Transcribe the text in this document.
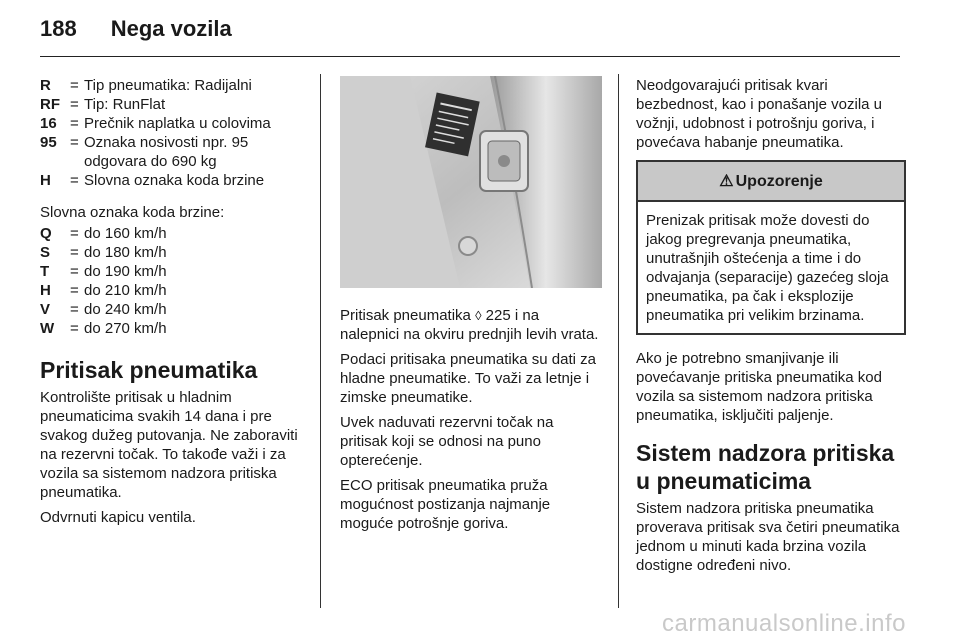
188 Nega vozila
R	= Tip pneumatika: Radijalni
RF = Tip: RunFlat
16 = Prečnik naplatka u colovima
95 = Oznaka nosivosti npr. 95 odgovara do 690 kg
H	= Slovna oznaka koda brzine

Slovna oznaka koda brzine:

Q	= do 160 km/h
S	= do 180 km/h
T	= do 190 km/h
H	= do 210 km/h
V	= do 240 km/h
W	= do 270 km/h
Pritisak pneumatika

Kontrolište pritisak u hladnim pneumaticima svakih 14 dana i pre svakog dužeg putovanja. Ne zaboraviti na rezervni točak. To takođe važi i za vozila sa sistemom nadzora pritiska pneumatika.

Odvrnuti kapicu ventila.

Pritisak pneumatika ◊ 225 i na nalepnici na okviru prednjih levih vrata.

Podaci pritisaka pneumatika su dati za hladne pneumatike. To važi za letnje i zimske pneumatike.

Uvek naduvati rezervni točak na pritisak koji se odnosi na puno opterećenje.

ECO pritisak pneumatika pruža mogućnost postizanja najmanje moguće potrošnje goriva.

Neodgovarajući pritisak kvari bezbednost, kao i ponašanje vozila u vožnji, udobnost i potrošnju goriva, i povećava habanje pneumatika.

⚠ Upozorenje
Prenizak pritisak može dovesti do jakog pregrevanja pneumatika, unutrašnjih oštećenja a time i do odvajanja (separacije) gazećeg sloja pneumatika, pa čak i eksplozije pneumatika pri velikim brzinama.

Ako je potrebno smanjivanje ili povećavanje pritiska pneumatika kod vozila sa sistemom nadzora pritiska pneumatika, isključiti paljenje.

Sistem nadzora pritiska u pneumaticima

Sistem nadzora pritiska pneumatika proverava pritisak sva četiri pneumatika jednom u minuti kada brzina vozila dostigne određeni nivo.

carmanualsonline.info
